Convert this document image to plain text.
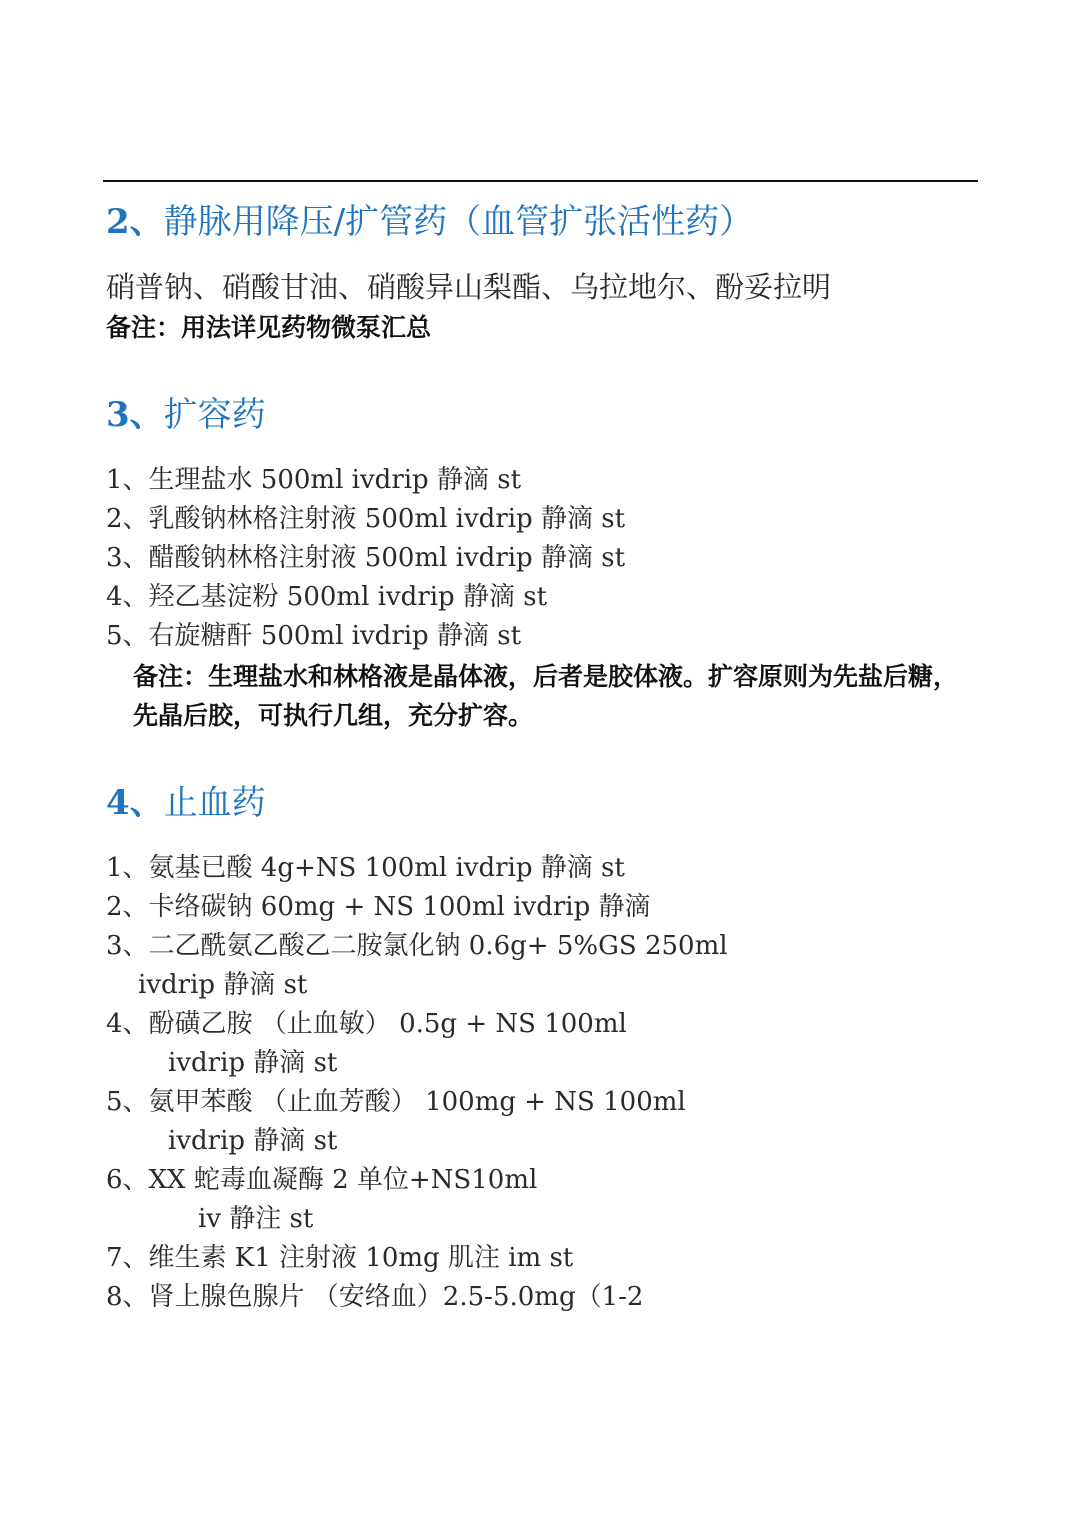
2、静脉用降压/扩管药（血管扩张活性药）
硝普钠、硝酸甘油、硝酸异山梨酯、乌拉地尔、酚妥拉明
备注：用法详见药物微泵汇总
3、扩容药
1、生理盐水 500ml ivdrip 静滴 st
2、乳酸钠林格注射液 500ml ivdrip 静滴 st
3、醋酸钠林格注射液 500ml ivdrip 静滴 st
4、羟乙基淀粉 500ml ivdrip 静滴 st
5、右旋糖酐 500ml ivdrip 静滴 st
备注：生理盐水和林格液是晶体液，后者是胶体液。扩容原则为先盐后糖，
先晶后胶，可执行几组，充分扩容。
4、止血药
1、氨基已酸 4g+NS 100ml ivdrip 静滴 st
2、卡络碳钠 60mg + NS 100ml ivdrip 静滴
3、二乙酰氨乙酸乙二胺氯化钠 0.6g+ 5%GS 250ml
ivdrip 静滴 st
4、酚磺乙胺 （止血敏） 0.5g + NS 100ml
ivdrip 静滴 st
5、氨甲苯酸 （止血芳酸） 100mg + NS 100ml
ivdrip 静滴 st
6、XX 蛇毒血凝酶 2 单位+NS10ml
iv 静注 st
7、维生素 K1 注射液 10mg 肌注 im st
8、肾上腺色腺片 （安络血）2.5-5.0mg（1-2
